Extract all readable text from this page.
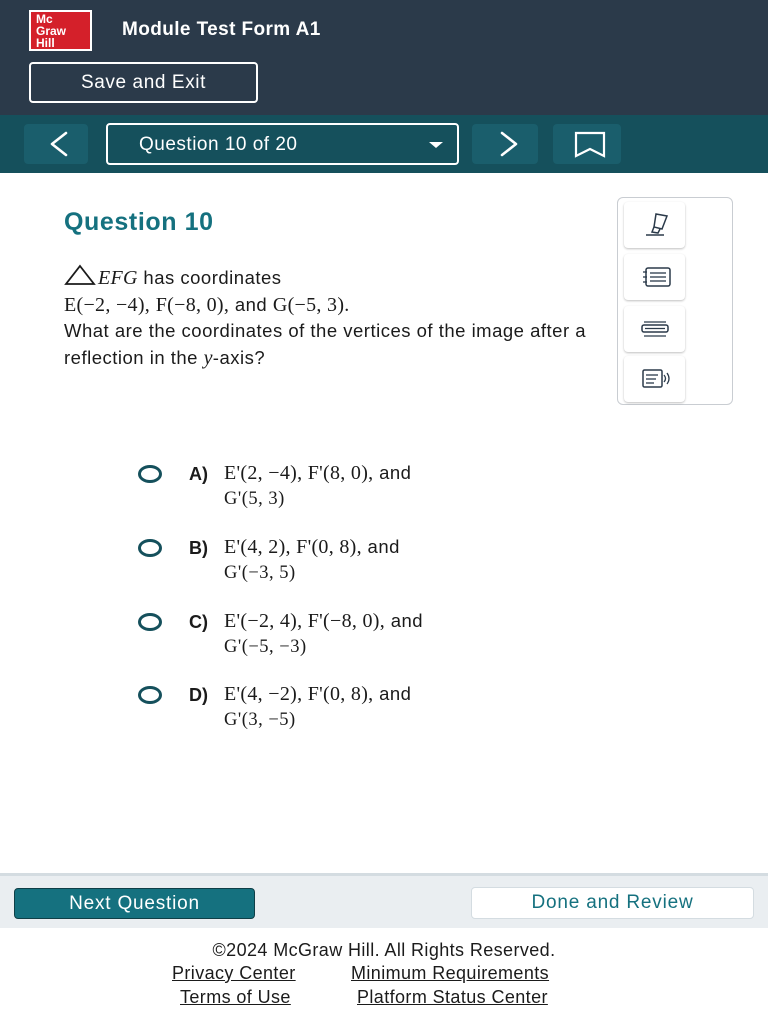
Mc
Graw
Hill
Module Test Form A1
Save and Exit
Question 10 of 20
Question 10
EFG has coordinates
E(−2, −4), F(−8, 0), and G(−5, 3).
What are the coordinates of the vertices of the image after a reflection in the y-axis?
A) E'(2, −4), F'(8, 0), and
G'(5, 3)
B) E'(4, 2), F'(0, 8), and
G'(−3, 5)
C) E'(−2, 4), F'(−8, 0), and
G'(−5, −3)
D) E'(4, −2), F'(0, 8), and
G'(3, −5)
Next Question	Done and Review
©2024 McGraw Hill. All Rights Reserved.
Privacy Center	Minimum Requirements
Terms of Use	Platform Status Center
